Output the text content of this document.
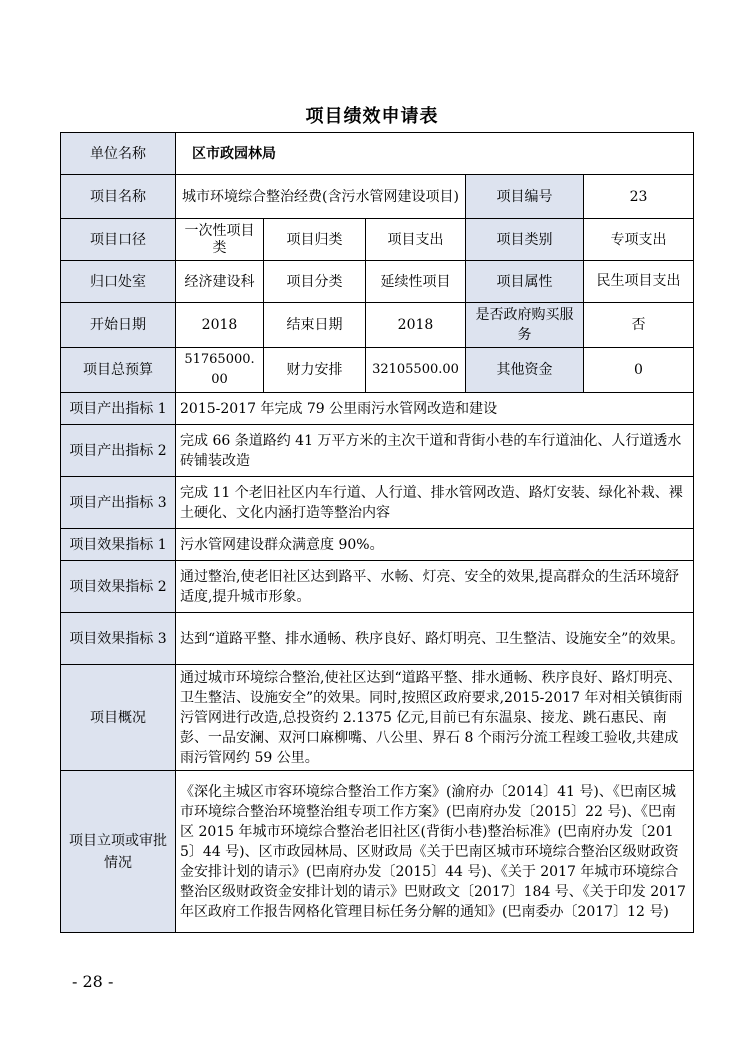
项目绩效申请表
单位名称	区市政园林局				
项目名称	城市环境综合整治经费(含污水管网建设项目)			项目编号	23
项目口径	一次性项目类	项目归类	项目支出	项目类别	专项支出
归口处室	经济建设科	项目分类	延续性项目	项目属性	民生项目支出
开始日期	2018	结束日期	2018	是否政府购买服务	否
项目总预算	51765000. 00	财力安排	32105500.00	其他资金	0
项目产出指标 1	2015-2017 年完成 79 公里雨污水管网改造和建设				
项目产出指标 2	完成 66 条道路约 41 万平方米的主次干道和背街小巷的车行道油化、人行道透水砖铺装改造				
项目产出指标 3	完成 11 个老旧社区内车行道、人行道、排水管网改造、路灯安装、绿化补栽、裸土硬化、文化内涵打造等整治内容				
项目效果指标 1	污水管网建设群众满意度 90%。				
项目效果指标 2	通过整治,使老旧社区达到路平、水畅、灯亮、安全的效果,提高群众的生活环境舒适度,提升城市形象。				
项目效果指标 3	达到“道路平整、排水通畅、秩序良好、路灯明亮、卫生整洁、设施安全”的效果。				
项目概况	通过城市环境综合整治,使社区达到“道路平整、排水通畅、秩序良好、路灯明亮、卫生整洁、设施安全”的效果。同时,按照区政府要求,2015-2017 年对相关镇街雨污管网进行改造,总投资约 2.1375 亿元,目前已有东温泉、接龙、跳石惠民、南彭、一品安澜、双河口麻柳嘴、八公里、界石 8 个雨污分流工程竣工验收,共建成雨污管网约 59 公里。				
项目立项或审批情况	《深化主城区市容环境综合整治工作方案》(渝府办〔2014〕41 号)、《巴南区城市环境综合整治环境整治组专项工作方案》(巴南府办发〔2015〕22 号)、《巴南区 2015 年城市环境综合整治老旧社区(背街小巷)整治标准》(巴南府办发〔2015〕44 号)、区市政园林局、区财政局《关于巴南区城市环境综合整治区级财政资金安排计划的请示》(巴南府办发〔2015〕44 号)、《关于 2017 年城市环境综合整治区级财政资金安排计划的请示》巴财政文〔2017〕184 号、《关于印发 2017 年区政府工作报告网格化管理目标任务分解的通知》(巴南委办〔2017〕12 号)				
- 28 -
